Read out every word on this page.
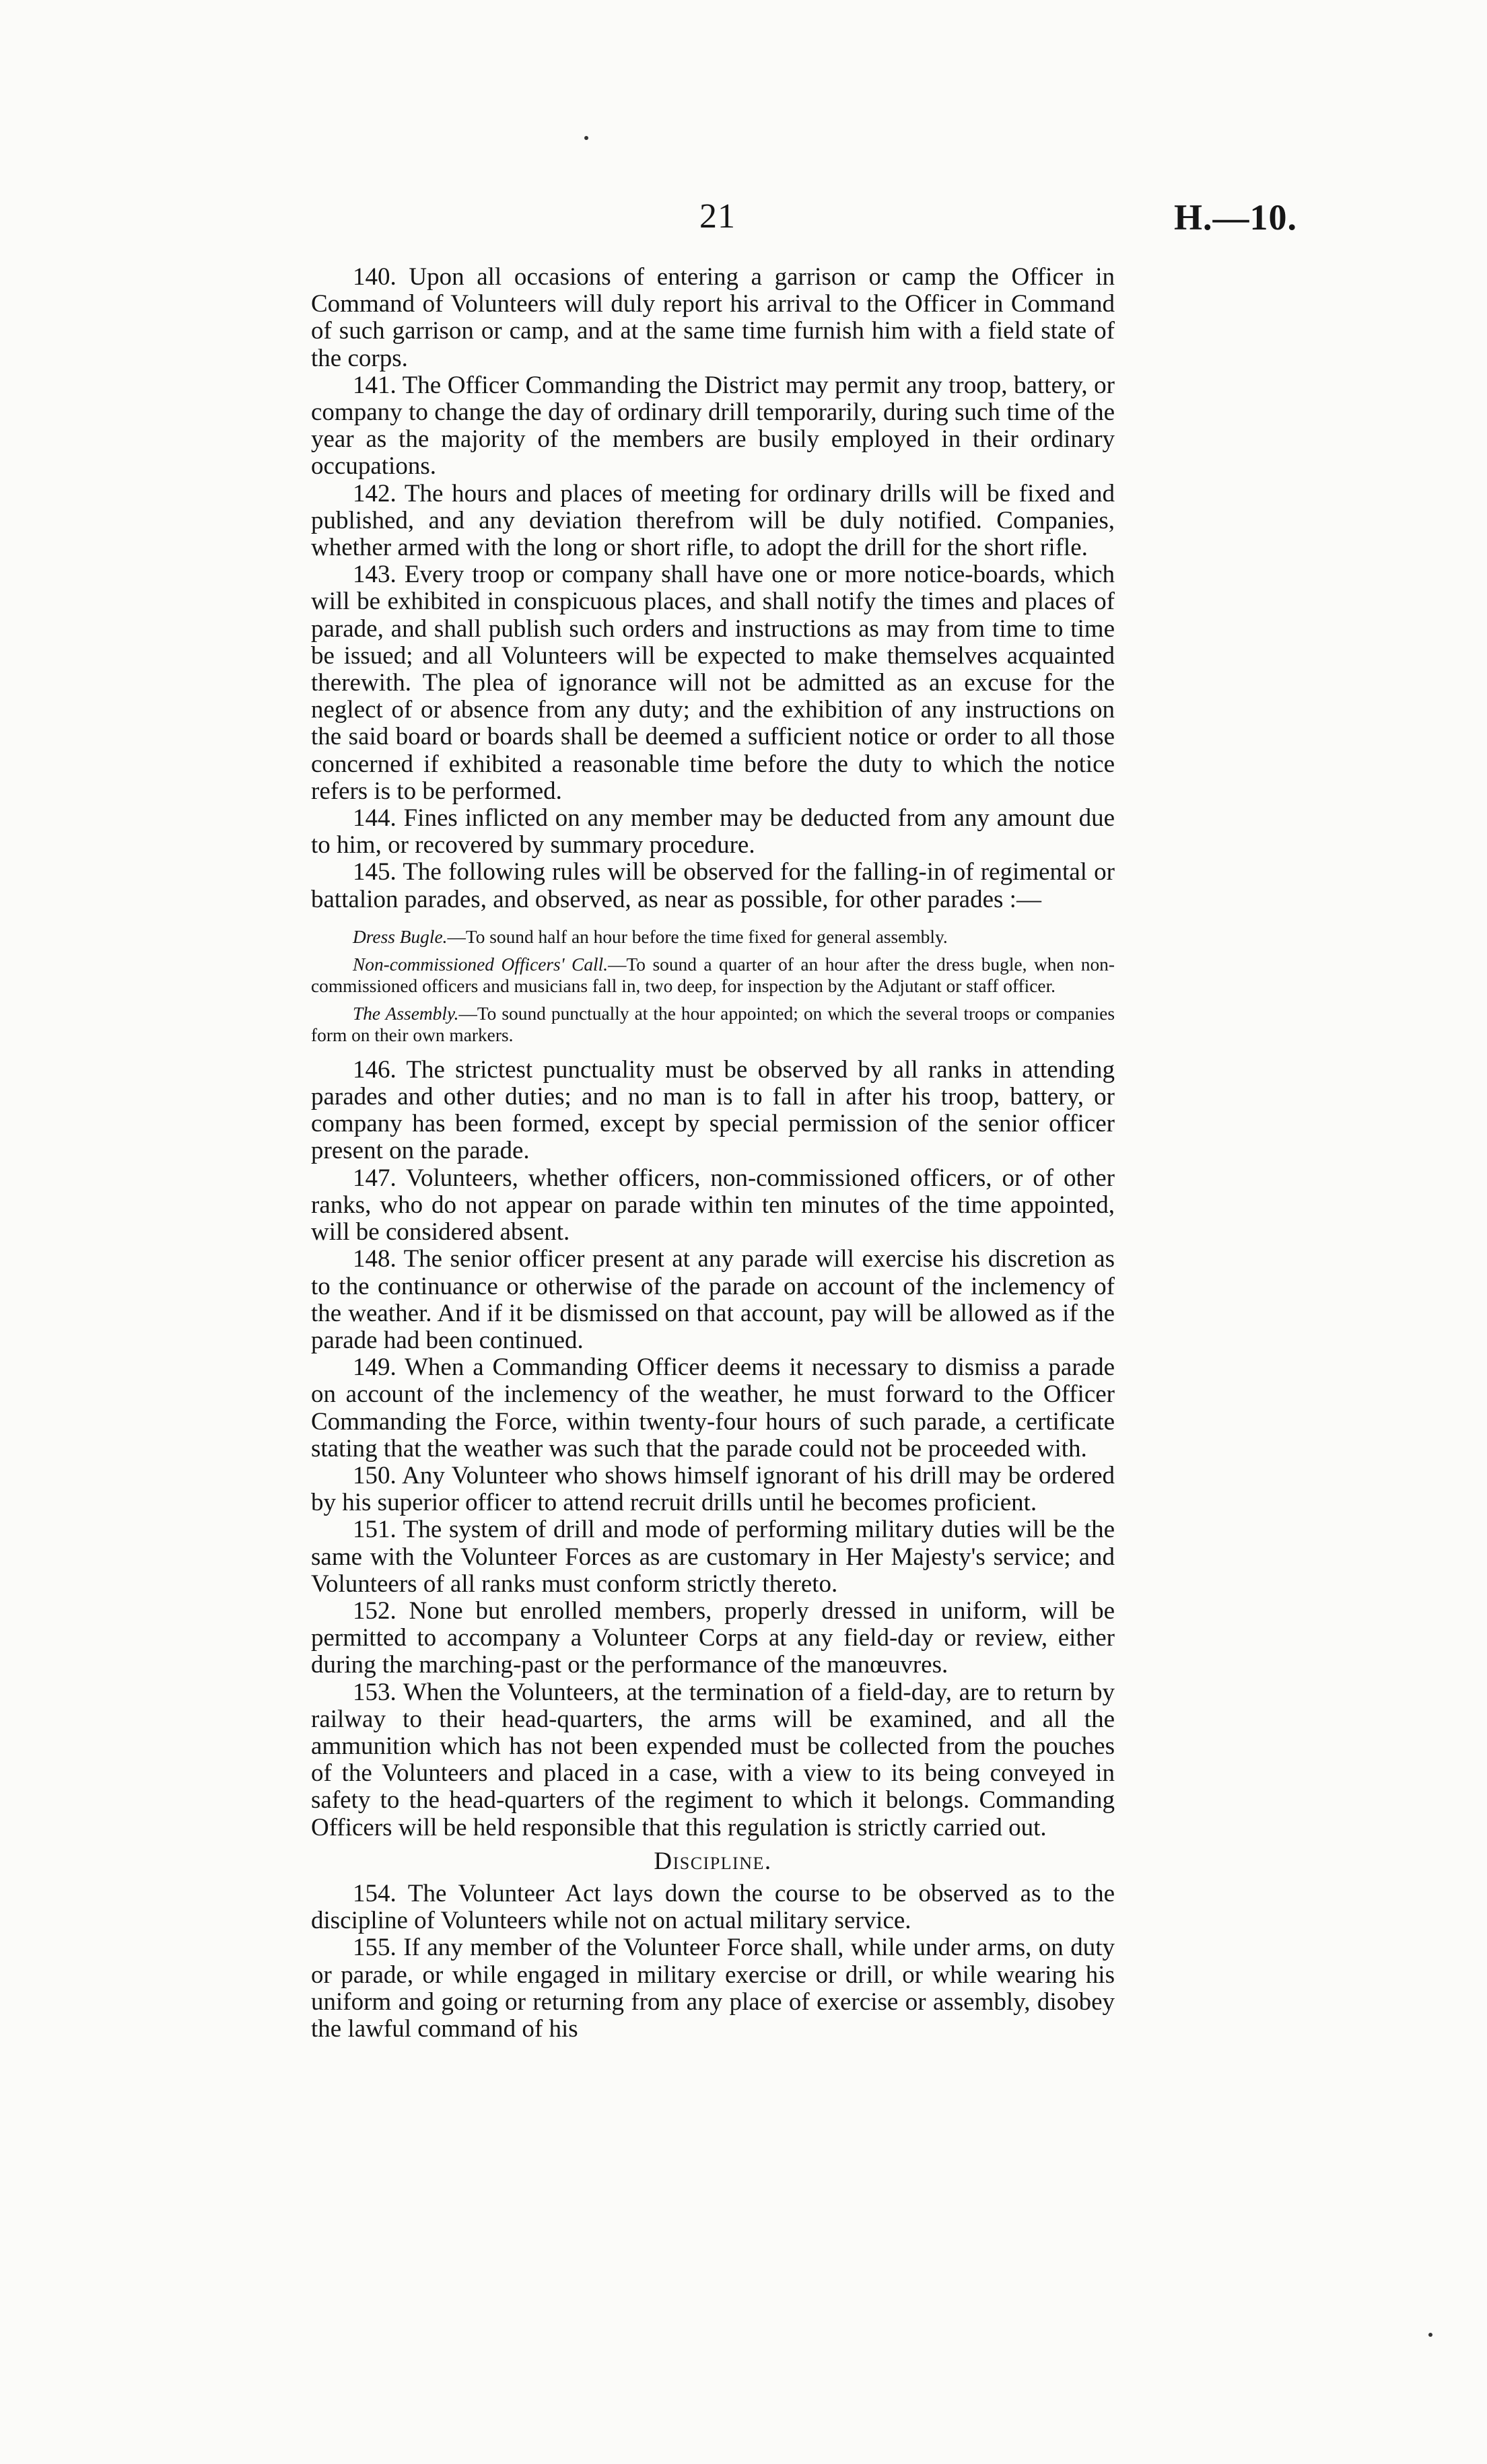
21	H.—10.

140. Upon all occasions of entering a garrison or camp the Officer in Command of Volunteers will duly report his arrival to the Officer in Command of such garrison or camp, and at the same time furnish him with a field state of the corps.

141. The Officer Commanding the District may permit any troop, battery, or company to change the day of ordinary drill temporarily, during such time of the year as the majority of the members are busily employed in their ordinary occupations.

142. The hours and places of meeting for ordinary drills will be fixed and published, and any deviation therefrom will be duly notified. Companies, whether armed with the long or short rifle, to adopt the drill for the short rifle.

143. Every troop or company shall have one or more notice-boards, which will be exhibited in conspicuous places, and shall notify the times and places of parade, and shall publish such orders and instructions as may from time to time be issued; and all Volunteers will be expected to make themselves acquainted therewith. The plea of ignorance will not be admitted as an excuse for the neglect of or absence from any duty; and the exhibition of any instructions on the said board or boards shall be deemed a sufficient notice or order to all those concerned if exhibited a reasonable time before the duty to which the notice refers is to be performed.

144. Fines inflicted on any member may be deducted from any amount due to him, or recovered by summary procedure.

145. The following rules will be observed for the falling-in of regimental or battalion parades, and observed, as near as possible, for other parades :—

Dress Bugle.—To sound half an hour before the time fixed for general assembly.

Non-commissioned Officers' Call.—To sound a quarter of an hour after the dress bugle, when non-commissioned officers and musicians fall in, two deep, for inspection by the Adjutant or staff officer.

The Assembly.—To sound punctually at the hour appointed; on which the several troops or companies form on their own markers.

146. The strictest punctuality must be observed by all ranks in attending parades and other duties; and no man is to fall in after his troop, battery, or company has been formed, except by special permission of the senior officer present on the parade.

147. Volunteers, whether officers, non-commissioned officers, or of other ranks, who do not appear on parade within ten minutes of the time appointed, will be considered absent.

148. The senior officer present at any parade will exercise his discretion as to the continuance or otherwise of the parade on account of the inclemency of the weather. And if it be dismissed on that account, pay will be allowed as if the parade had been continued.

149. When a Commanding Officer deems it necessary to dismiss a parade on account of the inclemency of the weather, he must forward to the Officer Commanding the Force, within twenty-four hours of such parade, a certificate stating that the weather was such that the parade could not be proceeded with.

150. Any Volunteer who shows himself ignorant of his drill may be ordered by his superior officer to attend recruit drills until he becomes proficient.

151. The system of drill and mode of performing military duties will be the same with the Volunteer Forces as are customary in Her Majesty's service; and Volunteers of all ranks must conform strictly thereto.

152. None but enrolled members, properly dressed in uniform, will be permitted to accompany a Volunteer Corps at any field-day or review, either during the marching-past or the performance of the manœuvres.

153. When the Volunteers, at the termination of a field-day, are to return by railway to their head-quarters, the arms will be examined, and all the ammunition which has not been expended must be collected from the pouches of the Volunteers and placed in a case, with a view to its being conveyed in safety to the head-quarters of the regiment to which it belongs. Commanding Officers will be held responsible that this regulation is strictly carried out.

Discipline.

154. The Volunteer Act lays down the course to be observed as to the discipline of Volunteers while not on actual military service.

155. If any member of the Volunteer Force shall, while under arms, on duty or parade, or while engaged in military exercise or drill, or while wearing his uniform and going or returning from any place of exercise or assembly, disobey the lawful command of his
